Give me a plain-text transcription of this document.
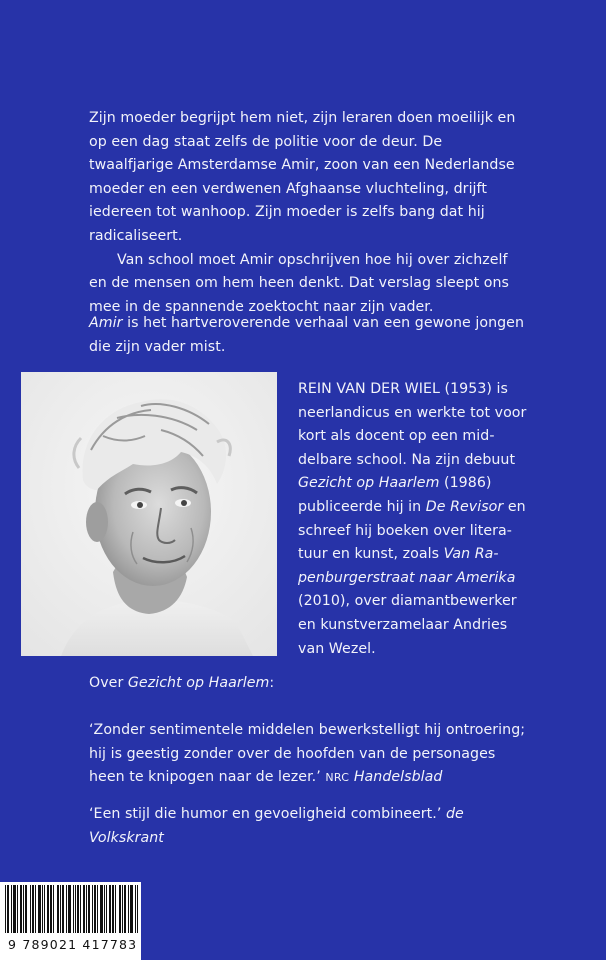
Zijn moeder begrijpt hem niet, zijn leraren doen moeilijk en op een dag staat zelfs de politie voor de deur. De twaalfjarige Amsterdamse Amir, zoon van een Nederlandse moeder en een verdwenen Afghaanse vluchteling, drijft iedereen tot wanhoop. Zijn moeder is zelfs bang dat hij radicaliseert.

Van school moet Amir opschrijven hoe hij over zichzelf en de mensen om hem heen denkt. Dat verslag sleept ons mee in de spannende zoektocht naar zijn vader.

Amir is het hartveroverende verhaal van een gewone jongen die zijn vader mist.
REIN VAN DER WIEL (1953) is
neerlandicus en werkte tot voor
kort als docent op een mid-
delbare school. Na zijn debuut
Gezicht op Haarlem (1986)
publiceerde hij in De Revisor en
schreef hij boeken over litera-
tuur en kunst, zoals Van Ra-
penburgerstraat naar Amerika
(2010), over diamantbewerker
en kunstverzamelaar Andries
van Wezel.
Over Gezicht op Haarlem:
‘Zonder sentimentele middelen bewerkstelligt hij ontroering; hij is geestig zonder over de hoofden van de personages heen te knipogen naar de lezer.’ NRC Handelsblad
‘Een stijl die humor en gevoeligheid combineert.’ de Volkskrant
9 789021 417783
